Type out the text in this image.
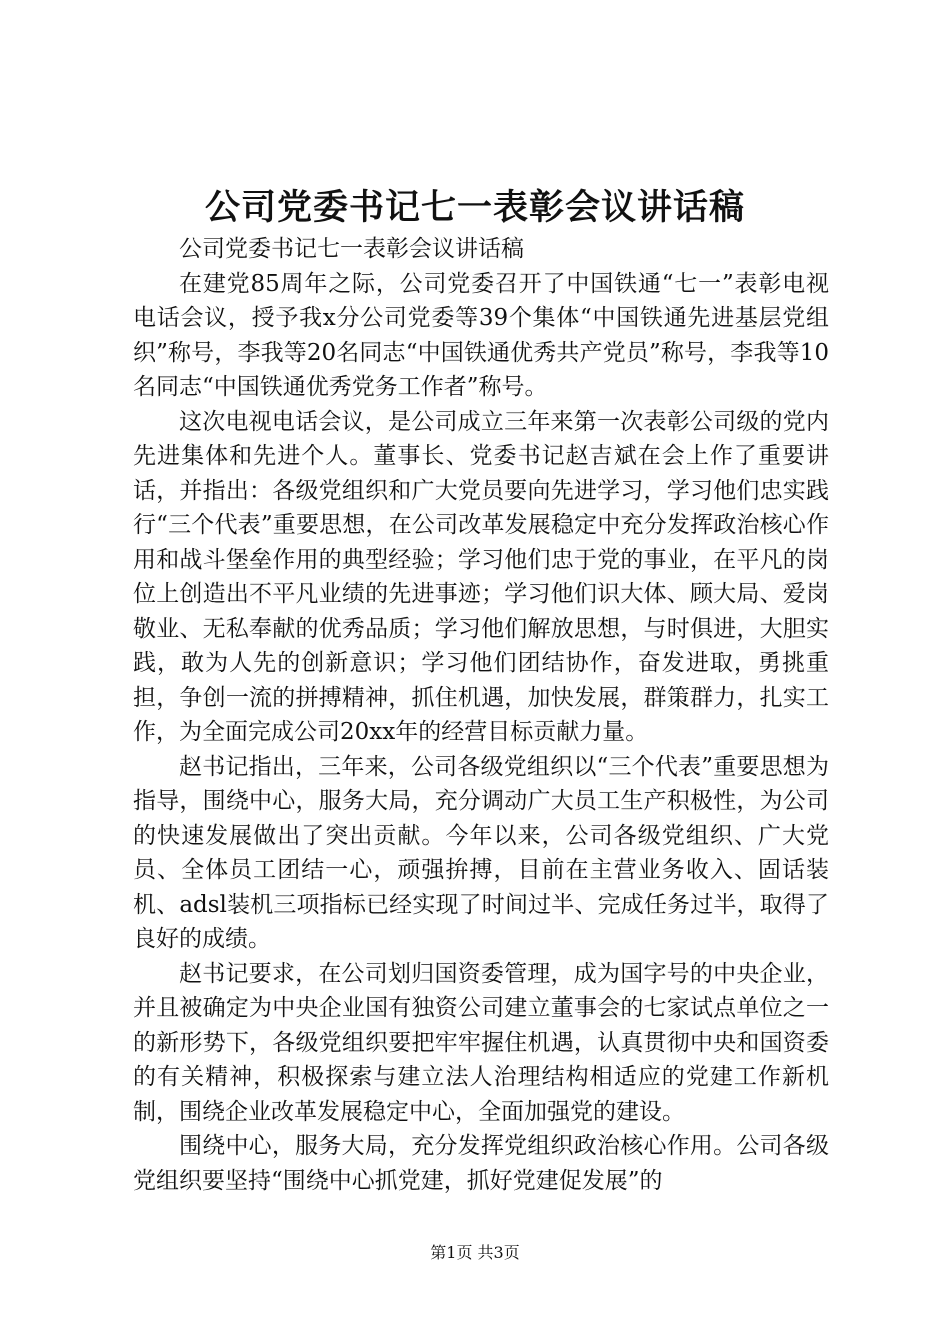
公司党委书记七一表彰会议讲话稿

公司党委书记七一表彰会议讲话稿

在建党85周年之际，公司党委召开了中国铁通“七一”表彰电视电话会议，授予我x分公司党委等39个集体“中国铁通先进基层党组织”称号，李我等20名同志“中国铁通优秀共产党员”称号，李我等10名同志“中国铁通优秀党务工作者”称号。

这次电视电话会议，是公司成立三年来第一次表彰公司级的党内先进集体和先进个人。董事长、党委书记赵吉斌在会上作了重要讲话，并指出：各级党组织和广大党员要向先进学习，学习他们忠实践行“三个代表”重要思想，在公司改革发展稳定中充分发挥政治核心作用和战斗堡垒作用的典型经验；学习他们忠于党的事业，在平凡的岗位上创造出不平凡业绩的先进事迹；学习他们识大体、顾大局、爱岗敬业、无私奉献的优秀品质；学习他们解放思想，与时俱进，大胆实践，敢为人先的创新意识；学习他们团结协作，奋发进取，勇挑重担，争创一流的拼搏精神，抓住机遇，加快发展，群策群力，扎实工作，为全面完成公司20xx年的经营目标贡献力量。

赵书记指出，三年来，公司各级党组织以“三个代表”重要思想为指导，围绕中心，服务大局，充分调动广大员工生产积极性，为公司的快速发展做出了突出贡献。今年以来，公司各级党组织、广大党员、全体员工团结一心，顽强拚搏，目前在主营业务收入、固话装机、adsl装机三项指标已经实现了时间过半、完成任务过半，取得了良好的成绩。

赵书记要求，在公司划归国资委管理，成为国字号的中央企业，并且被确定为中央企业国有独资公司建立董事会的七家试点单位之一的新形势下，各级党组织要把牢牢握住机遇，认真贯彻中央和国资委的有关精神，积极探索与建立法人治理结构相适应的党建工作新机制，围绕企业改革发展稳定中心，全面加强党的建设。

围绕中心，服务大局，充分发挥党组织政治核心作用。公司各级党组织要坚持“围绕中心抓党建，抓好党建促发展”的

第1页 共3页
